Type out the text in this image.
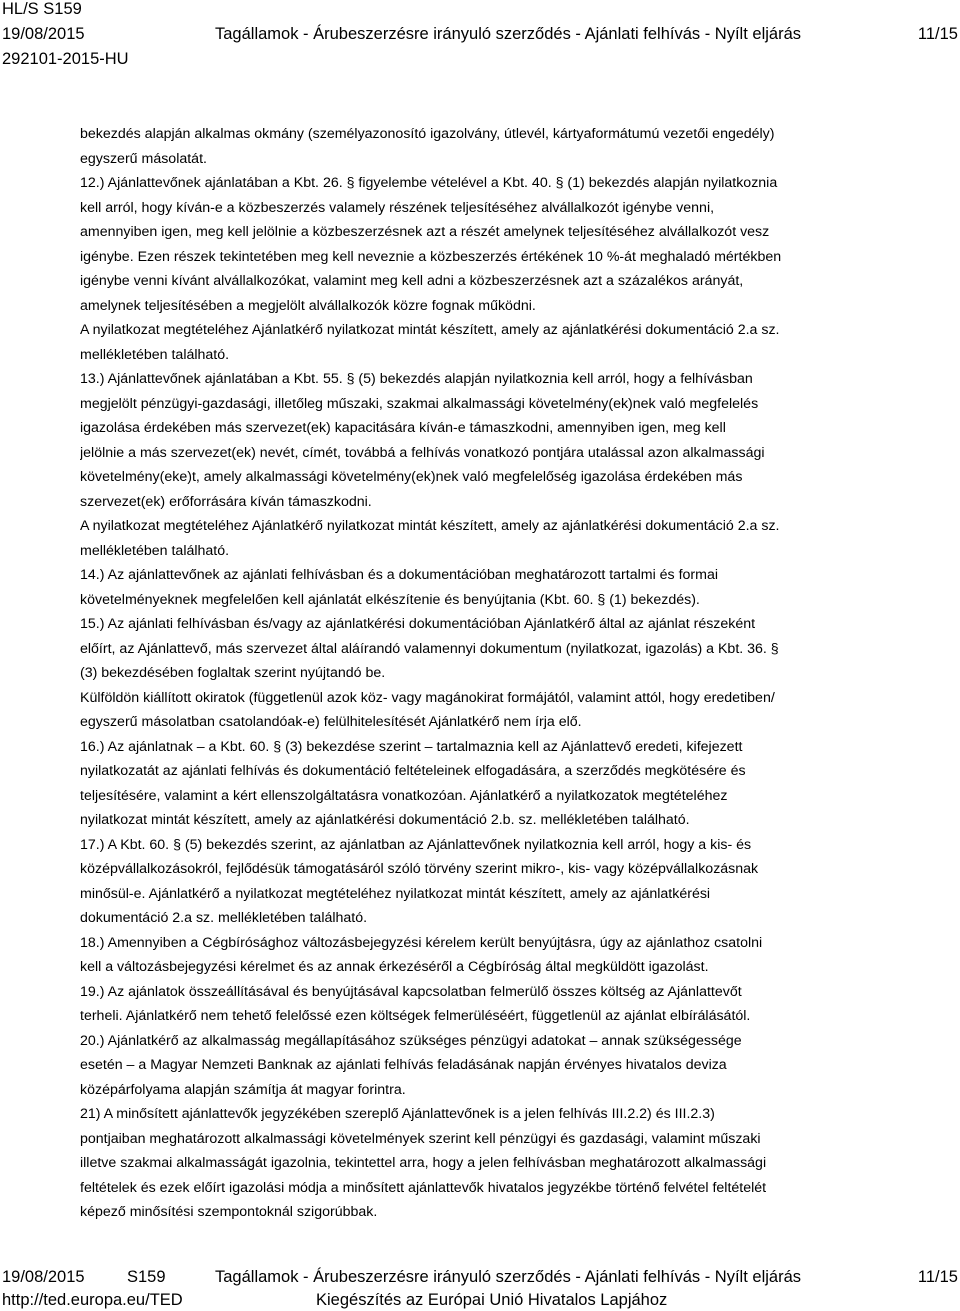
HL/S S159
19/08/2015	Tagállamok - Árubeszerzésre irányuló szerződés - Ajánlati felhívás - Nyílt eljárás	11/15
292101-2015-HU
bekezdés alapján alkalmas okmány (személyazonosító igazolvány, útlevél, kártyaformátumú vezetői engedély)
egyszerű másolatát.
12.) Ajánlattevőnek ajánlatában a Kbt. 26. § figyelembe vételével a Kbt. 40. § (1) bekezdés alapján nyilatkoznia
kell arról, hogy kíván-e a közbeszerzés valamely részének teljesítéséhez alvállalkozót igénybe venni,
amennyiben igen, meg kell jelölnie a közbeszerzésnek azt a részét amelynek teljesítéséhez alvállalkozót vesz
igénybe. Ezen részek tekintetében meg kell neveznie a közbeszerzés értékének 10 %-át meghaladó mértékben
igénybe venni kívánt alvállalkozókat, valamint meg kell adni a közbeszerzésnek azt a százalékos arányát,
amelynek teljesítésében a megjelölt alvállalkozók közre fognak működni.
A nyilatkozat megtételéhez Ajánlatkérő nyilatkozat mintát készített, amely az ajánlatkérési dokumentáció 2.a sz.
mellékletében található.
13.) Ajánlattevőnek ajánlatában a Kbt. 55. § (5) bekezdés alapján nyilatkoznia kell arról, hogy a felhívásban
megjelölt pénzügyi-gazdasági, illetőleg műszaki, szakmai alkalmassági követelmény(ek)nek való megfelelés
igazolása érdekében más szervezet(ek) kapacitására kíván-e támaszkodni, amennyiben igen, meg kell
jelölnie a más szervezet(ek) nevét, címét, továbbá a felhívás vonatkozó pontjára utalással azon alkalmassági
követelmény(eke)t, amely alkalmassági követelmény(ek)nek való megfelelőség igazolása érdekében más
szervezet(ek) erőforrására kíván támaszkodni.
A nyilatkozat megtételéhez Ajánlatkérő nyilatkozat mintát készített, amely az ajánlatkérési dokumentáció 2.a sz.
mellékletében található.
14.) Az ajánlattevőnek az ajánlati felhívásban és a dokumentációban meghatározott tartalmi és formai
követelményeknek megfelelően kell ajánlatát elkészítenie és benyújtania (Kbt. 60. § (1) bekezdés).
15.) Az ajánlati felhívásban és/vagy az ajánlatkérési dokumentációban Ajánlatkérő által az ajánlat részeként
előírt, az Ajánlattevő, más szervezet által aláírandó valamennyi dokumentum (nyilatkozat, igazolás) a Kbt. 36. §
(3) bekezdésében foglaltak szerint nyújtandó be.
Külföldön kiállított okiratok (függetlenül azok köz- vagy magánokirat formájától, valamint attól, hogy eredetiben/
egyszerű másolatban csatolandóak-e) felülhitelesítését Ajánlatkérő nem írja elő.
16.) Az ajánlatnak – a Kbt. 60. § (3) bekezdése szerint – tartalmaznia kell az Ajánlattevő eredeti, kifejezett
nyilatkozatát az ajánlati felhívás és dokumentáció feltételeinek elfogadására, a szerződés megkötésére és
teljesítésére, valamint a kért ellenszolgáltatásra vonatkozóan. Ajánlatkérő a nyilatkozatok megtételéhez
nyilatkozat mintát készített, amely az ajánlatkérési dokumentáció 2.b. sz. mellékletében található.
17.) A Kbt. 60. § (5) bekezdés szerint, az ajánlatban az Ajánlattevőnek nyilatkoznia kell arról, hogy a kis- és
középvállalkozásokról, fejlődésük támogatásáról szóló törvény szerint mikro-, kis- vagy középvállalkozásnak
minősül-e. Ajánlatkérő a nyilatkozat megtételéhez nyilatkozat mintát készített, amely az ajánlatkérési
dokumentáció 2.a sz. mellékletében található.
18.) Amennyiben a Cégbírósághoz változásbejegyzési kérelem került benyújtásra, úgy az ajánlathoz csatolni
kell a változásbejegyzési kérelmet és az annak érkezéséről a Cégbíróság által megküldött igazolást.
19.) Az ajánlatok összeállításával és benyújtásával kapcsolatban felmerülő összes költség az Ajánlattevőt
terheli. Ajánlatkérő nem tehető felelőssé ezen költségek felmerüléséért, függetlenül az ajánlat elbírálásától.
20.) Ajánlatkérő az alkalmasság megállapításához szükséges pénzügyi adatokat – annak szükségessége
esetén – a Magyar Nemzeti Banknak az ajánlati felhívás feladásának napján érvényes hivatalos deviza
középárfolyama alapján számítja át magyar forintra.
21) A minősített ajánlattevők jegyzékében szereplő Ajánlattevőnek is a jelen felhívás III.2.2) és III.2.3)
pontjaiban meghatározott alkalmassági követelmények szerint kell pénzügyi és gazdasági, valamint műszaki
illetve szakmai alkalmasságát igazolnia, tekintettel arra, hogy a jelen felhívásban meghatározott alkalmassági
feltételek és ezek előírt igazolási módja a minősített ajánlattevők hivatalos jegyzékbe történő felvétel feltételét
képező minősítési szempontoknál szigorúbbak.
19/08/2015	S159	Tagállamok - Árubeszerzésre irányuló szerződés - Ajánlati felhívás - Nyílt eljárás	11/15
http://ted.europa.eu/TED	Kiegészítés az Európai Unió Hivatalos Lapjához
